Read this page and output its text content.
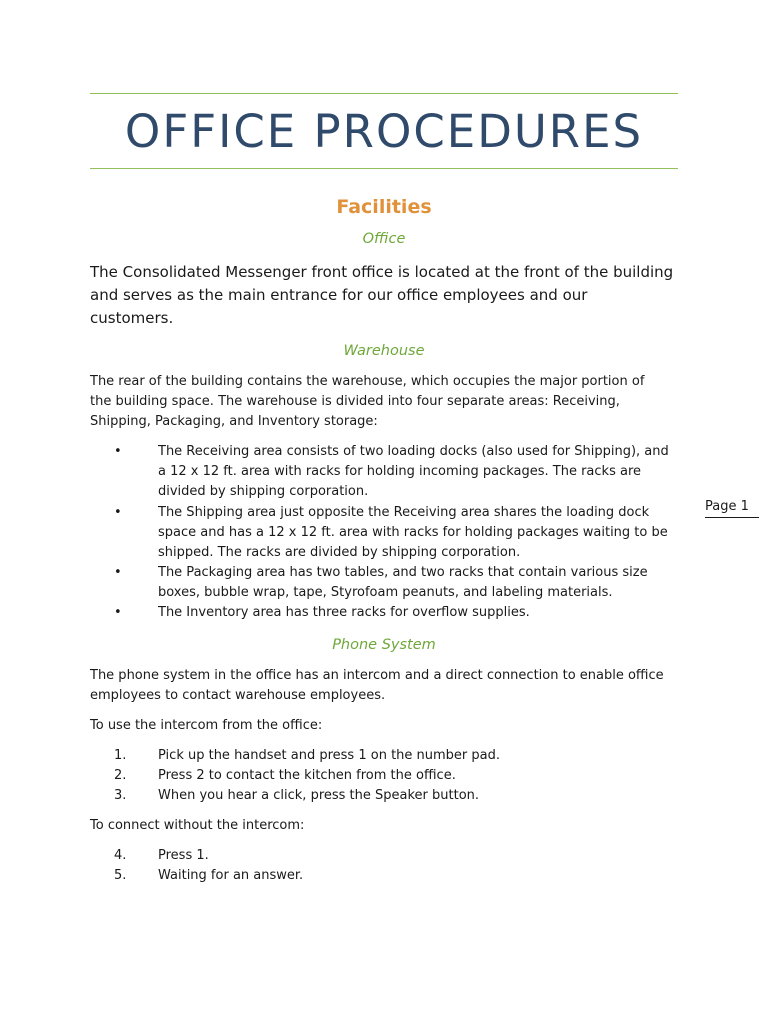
OFFICE PROCEDURES
Facilities
Office
The Consolidated Messenger front office is located at the front of the building
and serves as the main entrance for our office employees and our
customers.
Warehouse
The rear of the building contains the warehouse, which occupies the major portion of
the building space. The warehouse is divided into four separate areas: Receiving,
Shipping, Packaging, and Inventory storage:
•	The Receiving area consists of two loading docks (also used for Shipping), and
a 12 x 12 ft. area with racks for holding incoming packages. The racks are
divided by shipping corporation.
•	The Shipping area just opposite the Receiving area shares the loading dock
space and has a 12 x 12 ft. area with racks for holding packages waiting to be
shipped. The racks are divided by shipping corporation.
•	The Packaging area has two tables, and two racks that contain various size
boxes, bubble wrap, tape, Styrofoam peanuts, and labeling materials.
•	The Inventory area has three racks for overflow supplies.
Phone System
The phone system in the office has an intercom and a direct connection to enable office
employees to contact warehouse employees.
To use the intercom from the office:
1. Pick up the handset and press 1 on the number pad.
2. Press 2 to contact the kitchen from the office.
3. When you hear a click, press the Speaker button.
To connect without the intercom:
4. Press 1.
5. Waiting for an answer.
Page 1
